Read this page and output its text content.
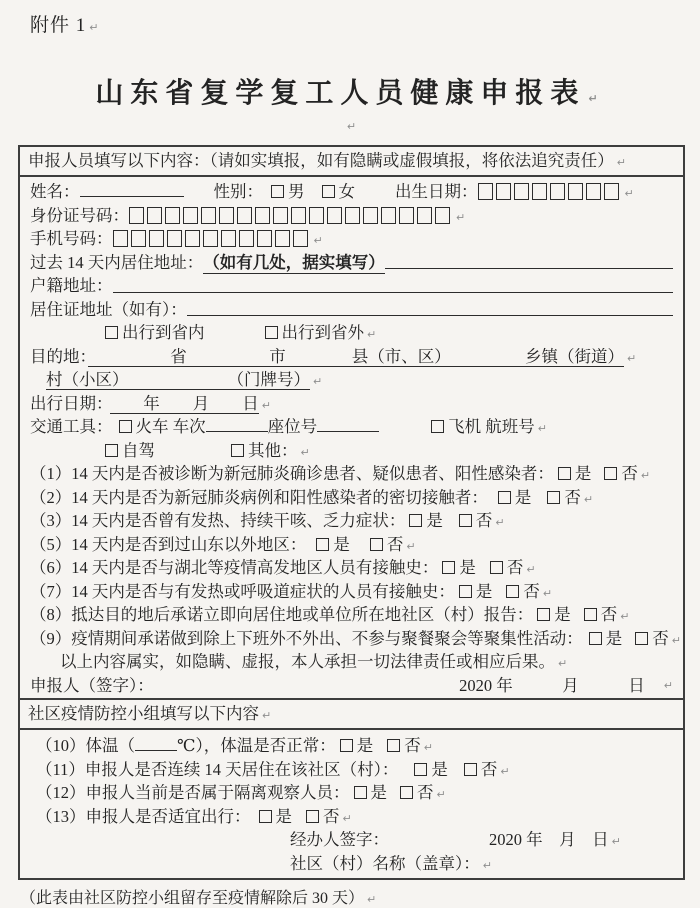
附件 1 ↵
山东省复学复工人员健康申报表 ↵
↵
申报人员填写以下内容：（请如实填报，如有隐瞒或虚假填报，将依法追究责任） ↵
姓名：	性别： 男 女 出生日期：	↵
身份证号码：	↵
手机号码：	↵
过去 14 天内居住地址： （如有几处，据实填写）
户籍地址：
居住证地址（如有）：
出行到省内	出行到省外 ↵
目的地：　　　　　省　　　　　市　　　　县（市、区）　　　　　乡镇（街道） ↵
村（小区）　　　　　　　（门牌号） ↵
出行日期：　　年　　月　　日 ↵
交通工具： 火车 车次	座位号	飞机 航班号 ↵
自驾	其他： ↵
（1）14 天内是否被诊断为新冠肺炎确诊患者、疑似患者、阳性感染者： 是 否 ↵
（2）14 天内是否为新冠肺炎病例和阳性感染者的密切接触者： 是 否 ↵
（3）14 天内是否曾有发热、持续干咳、乏力症状： 是 否 ↵
（5）14 天内是否到过山东以外地区： 是 否 ↵
（6）14 天内是否与湖北等疫情高发地区人员有接触史： 是 否 ↵
（7）14 天内是否与有发热或呼吸道症状的人员有接触史： 是 否 ↵
（8）抵达目的地后承诺立即向居住地或单位所在地社区（村）报告： 是 否 ↵
（9）疫情期间承诺做到除上下班外不外出、不参与聚餐聚会等聚集性活动： 是 否 ↵
以上内容属实，如隐瞒、虚报，本人承担一切法律责任或相应后果。 ↵
申报人（签字）：	2020 年　　　月　　　日 ↵
社区疫情防控小组填写以下内容 ↵
（10）体温（	℃），体温是否正常： 是 否 ↵
（11）申报人是否连续 14 天居住在该社区（村）： 是 否 ↵
（12）申报人当前是否属于隔离观察人员： 是 否 ↵
（13）申报人是否适宜出行： 是 否 ↵
经办人签字：	2020 年　月　日 ↵
社区（村）名称（盖章）： ↵
（此表由社区防控小组留存至疫情解除后 30 天） ↵
